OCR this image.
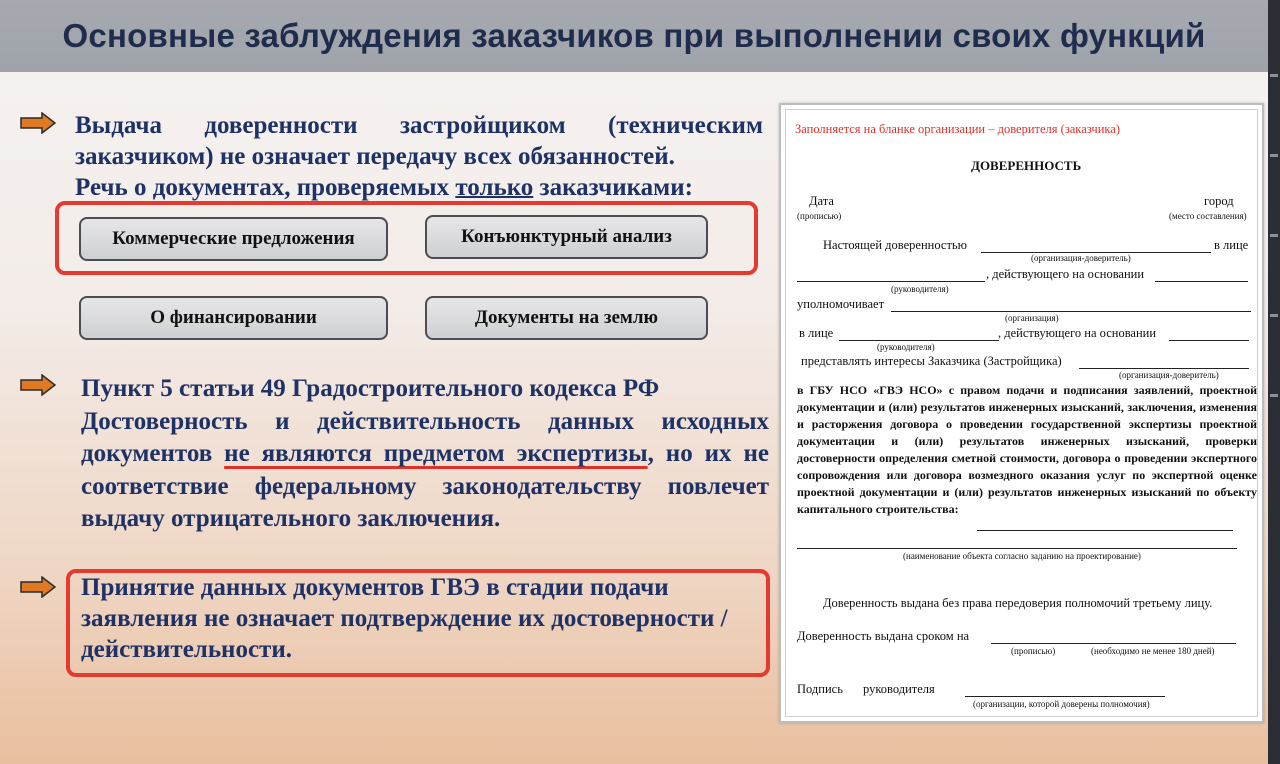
Основные заблуждения заказчиков при выполнении своих функций
Выдача доверенности застройщиком (техническим заказчиком) не означает передачу всех обязанностей.
Речь о документах, проверяемых только заказчиками:
Коммерческие предложения	Конъюнктурный анализ
О финансировании	Документы на землю
Пункт 5 статьи 49 Градостроительного кодекса РФ
Достоверность и действительность данных исходных документов не являются предметом экспертизы, но их не соответствие федеральному законодательству повлечет выдачу отрицательного заключения.
Принятие данных документов ГВЭ в стадии подачи заявления не означает подтверждение их достоверности /действительности.
Заполняется на бланке организации – доверителя (заказчика)
ДОВЕРЕННОСТЬ
Дата
(прописью)
город
(место составления)
Настоящей доверенностью	в лице
(организация-доверитель)
, действующего на основании
(руководителя)
уполномочивает
(организация)
в лице	, действующего на основании
(руководителя)
представлять интересы Заказчика (Застройщика)
(организация-доверитель)
в ГБУ НСО «ГВЭ НСО» с правом подачи и подписания заявлений, проектной документации и (или) результатов инженерных изысканий, заключения, изменения и расторжения договора о проведении государственной экспертизы проектной документации и (или) результатов инженерных изысканий, проверки достоверности определения сметной стоимости, договора о проведении экспертного сопровождения или договора возмездного оказания услуг по экспертной оценке проектной документации и (или) результатов инженерных изысканий по объекту капитального строительства:
(наименование объекта согласно заданию на проектирование)
Доверенность выдана без права передоверия полномочий третьему лицу.
Доверенность выдана сроком на
(прописью)	(необходимо не менее 180 дней)
Подпись руководителя
(организации, которой доверены полномочия)
